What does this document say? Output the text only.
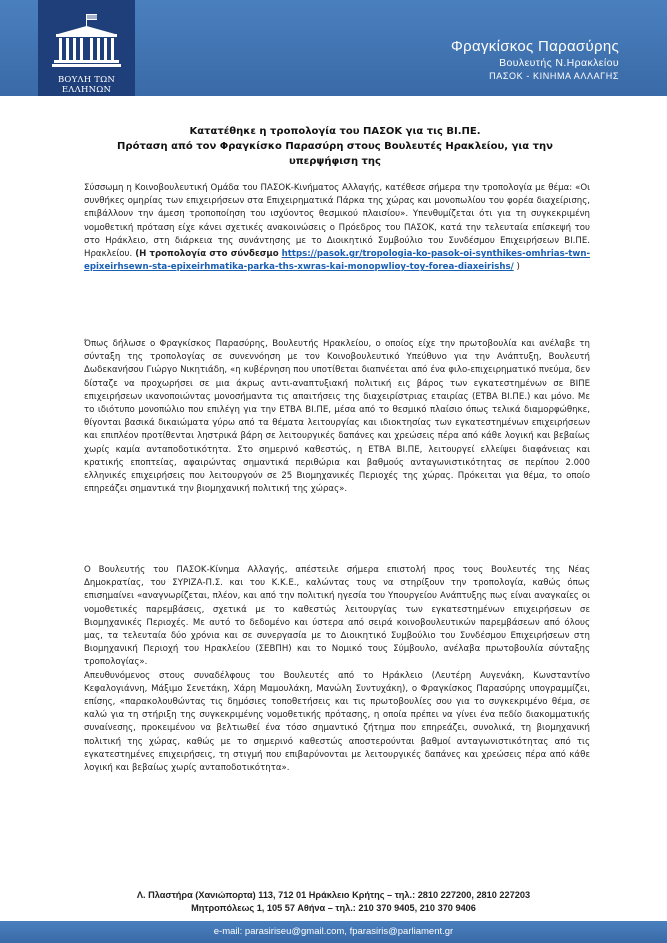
ΒΟΥΛΗ ΤΩΝ ΕΛΛΗΝΩΝ
Φραγκίσκος Παρασύρης
Βουλευτής Ν.Ηρακλείου
ΠΑΣΟΚ - ΚΙΝΗΜΑ ΑΛΛΑΓΗΣ
Κατατέθηκε η τροπολογία του ΠΑΣΟΚ για τις ΒΙ.ΠΕ.
Πρόταση από τον Φραγκίσκο Παρασύρη στους Βουλευτές Ηρακλείου, για την υπερψήφιση της
Σύσσωμη η Κοινοβουλευτική Ομάδα του ΠΑΣΟΚ-Κινήματος Αλλαγής, κατέθεσε σήμερα την τροπολογία με θέμα: «Οι συνθήκες ομηρίας των επιχειρήσεων στα Επιχειρηματικά Πάρκα της χώρας και μονοπωλίου του φορέα διαχείρισης, επιβάλλουν την άμεση τροποποίηση του ισχύοντος θεσμικού πλαισίου». Υπενθυμίζεται ότι για τη συγκεκριμένη νομοθετική πρόταση είχε κάνει σχετικές ανακοινώσεις ο Πρόεδρος του ΠΑΣΟΚ, κατά την τελευταία επίσκεψή του στο Ηράκλειο, στη διάρκεια της συνάντησης με το Διοικητικό Συμβούλιο του Συνδέσμου Επιχειρήσεων ΒΙ.ΠΕ. Ηρακλείου. (Η τροπολογία στο σύνδεσμο https://pasok.gr/tropologia-ko-pasok-oi-synthikes-omhrias-twn-epixeirhsewn-sta-epixeirhmatika-parka-ths-xwras-kai-monopwlioy-toy-forea-diaxeirishs/ )
Όπως δήλωσε ο Φραγκίσκος Παρασύρης, Βουλευτής Ηρακλείου, ο οποίος είχε την πρωτοβουλία και ανέλαβε τη σύνταξη της τροπολογίας σε συνεννόηση με τον Κοινοβουλευτικό Υπεύθυνο για την Ανάπτυξη, Βουλευτή Δωδεκανήσου Γιώργο Νικητιάδη, «η κυβέρνηση που υποτίθεται διαπνέεται από ένα φιλο-επιχειρηματικό πνεύμα, δεν δίσταζε να προχωρήσει σε μια άκρως αντι-αναπτυξιακή πολιτική εις βάρος των εγκατεστημένων σε ΒΙΠΕ επιχειρήσεων ικανοποιώντας μονοσήμαντα τις απαιτήσεις της διαχειρίστριας εταιρίας (ΕΤΒΑ ΒΙ.ΠΕ.) και μόνο. Με το ιδιότυπο μονοπώλιο που επιλέγη για την ΕΤΒΑ ΒΙ.ΠΕ, μέσα από το θεσμικό πλαίσιο όπως τελικά διαμορφώθηκε, θίγονται βασικά δικαιώματα γύρω από τα θέματα λειτουργίας και ιδιοκτησίας των εγκατεστημένων επιχειρήσεων και επιπλέον προτίθενται ληστρικά βάρη σε λειτουργικές δαπάνες και χρεώσεις πέρα από κάθε λογική και βεβαίως χωρίς καμία ανταποδοτικότητα. Στο σημερινό καθεστώς, η ΕΤΒΑ ΒΙ.ΠΕ, λειτουργεί ελλείψει διαφάνειας και κρατικής εποπτείας, αφαιρώντας σημαντικά περιθώρια και βαθμούς ανταγωνιστικότητας σε περίπου 2.000 ελληνικές επιχειρήσεις που λειτουργούν σε 25 Βιομηχανικές Περιοχές της χώρας. Πρόκειται για θέμα, το οποίο επηρεάζει σημαντικά την βιομηχανική πολιτική της χώρας».
Ο Βουλευτής του ΠΑΣΟΚ-Κίνημα Αλλαγής, απέστειλε σήμερα επιστολή προς τους Βουλευτές της Νέας Δημοκρατίας, του ΣΥΡΙΖΑ-Π.Σ. και του Κ.Κ.Ε., καλώντας τους να στηρίξουν την τροπολογία, καθώς όπως επισημαίνει «αναγνωρίζεται, πλέον, και από την πολιτική ηγεσία του Υπουργείου Ανάπτυξης πως είναι αναγκαίες οι νομοθετικές παρεμβάσεις, σχετικά με το καθεστώς λειτουργίας των εγκατεστημένων επιχειρήσεων σε Βιομηχανικές Περιοχές. Με αυτό το δεδομένο και ύστερα από σειρά κοινοβουλευτικών παρεμβάσεων από όλους μας, τα τελευταία δύο χρόνια και σε συνεργασία με το Διοικητικό Συμβούλιο του Συνδέσμου Επιχειρήσεων στη Βιομηχανική Περιοχή του Ηρακλείου (ΣΕΒΠΗ) και το Νομικό τους Σύμβουλο, ανέλαβα πρωτοβουλία σύνταξης τροπολογίας».
Απευθυνόμενος στους συναδέλφους του Βουλευτές από το Ηράκλειο (Λευτέρη Αυγενάκη, Κωνσταντίνο Κεφαλογιάννη, Μάξιμο Σενετάκη, Χάρη Μαμουλάκη, Μανώλη Συντυχάκη), ο Φραγκίσκος Παρασύρης υπογραμμίζει, επίσης, «παρακολουθώντας τις δημόσιες τοποθετήσεις και τις πρωτοβουλίες σου για το συγκεκριμένο θέμα, σε καλώ για τη στήριξη της συγκεκριμένης νομοθετικής πρότασης, η οποία πρέπει να γίνει ένα πεδίο διακομματικής συναίνεσης, προκειμένου να βελτιωθεί ένα τόσο σημαντικό ζήτημα που επηρεάζει, συνολικά, τη βιομηχανική πολιτική της χώρας, καθώς με το σημερινό καθεστώς αποστερούνται βαθμοί ανταγωνιστικότητας από τις εγκατεστημένες επιχειρήσεις, τη στιγμή που επιβαρύνονται με λειτουργικές δαπάνες και χρεώσεις πέρα από κάθε λογική και βεβαίως χωρίς ανταποδοτικότητα».
Λ. Πλαστήρα (Χανιώπορτα) 113, 712 01 Ηράκλειο Κρήτης – τηλ.: 2810 227200, 2810 227203
Μητροπόλεως 1, 105 57 Αθήνα – τηλ.: 210 370 9405, 210 370 9406
e-mail: parasiriseu@gmail.com, fparasiris@parliament.gr
